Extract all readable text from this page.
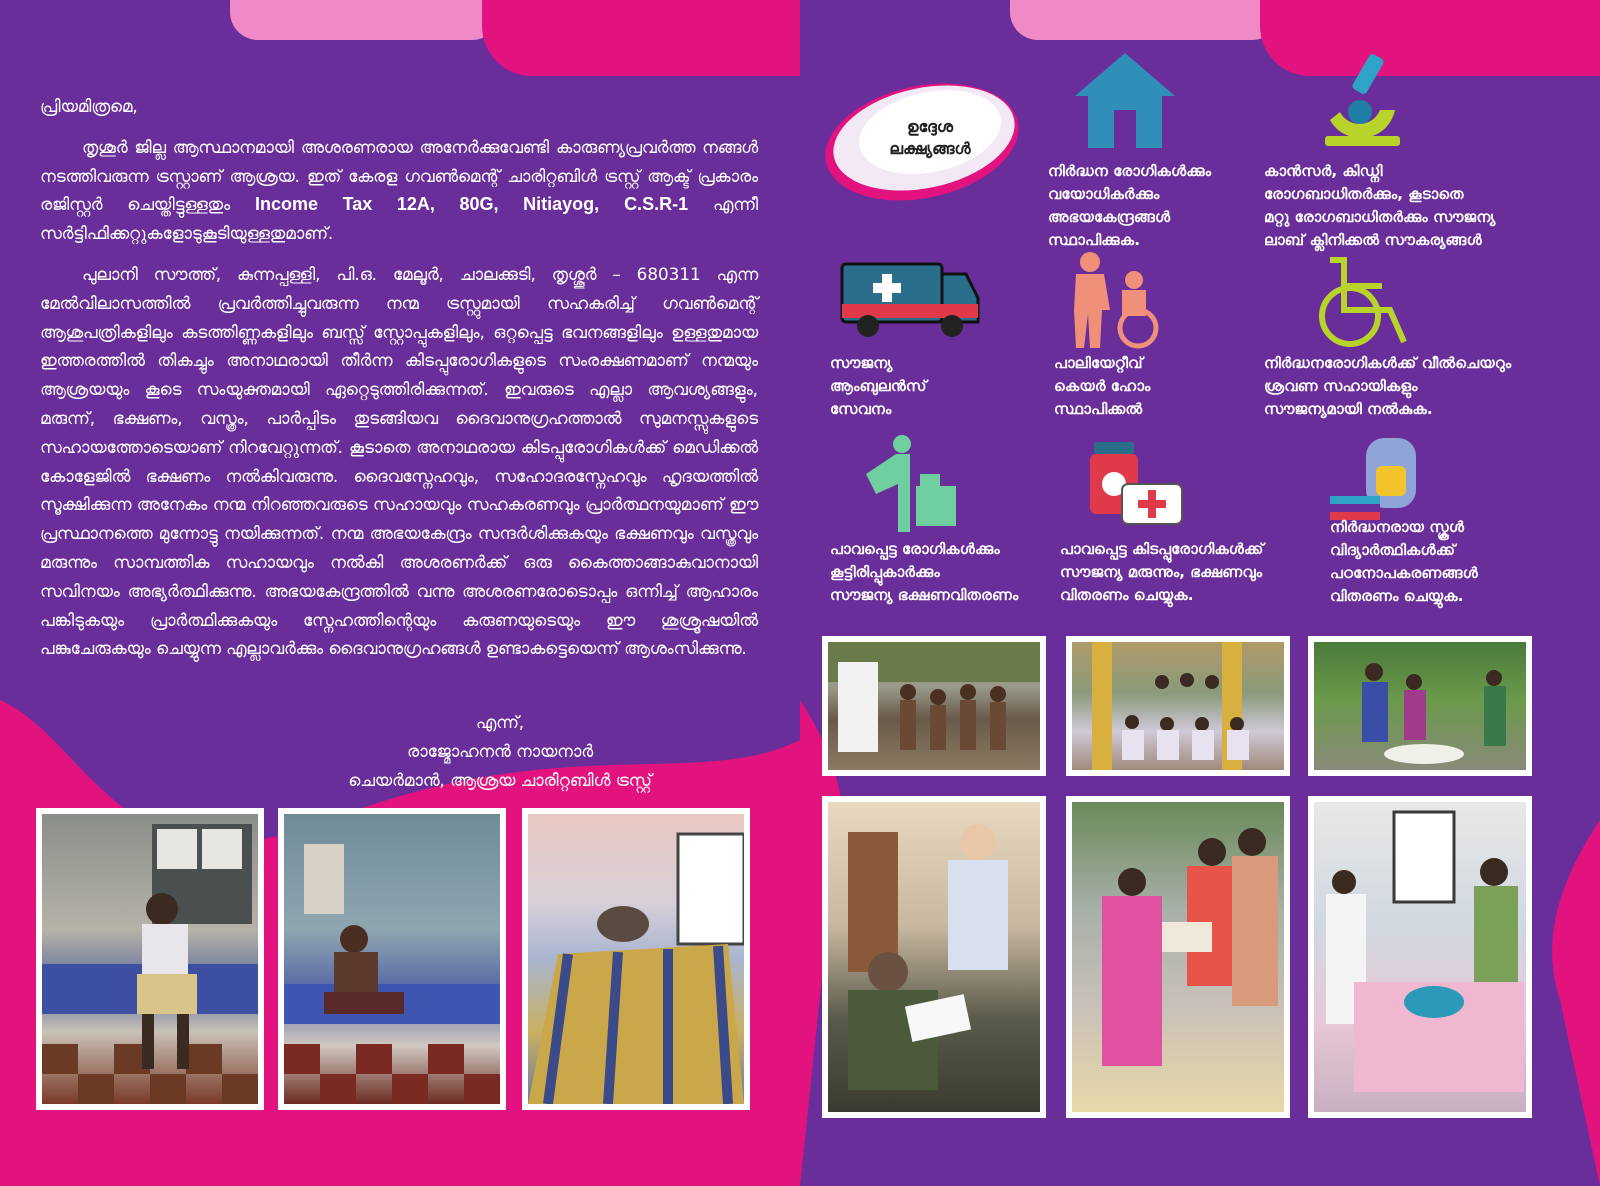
പ്രിയമിത്രമെ,

തൃശൂർ ജില്ല ആസ്ഥാനമായി അശരണരായ അനേർക്കുവേണ്ടി കാരുണ്യപ്രവർത്ത നങ്ങൾ നടത്തിവരുന്ന ട്രസ്റ്റാണ് ആശ്രയ. ഇത് കേരള ഗവൺമെന്റ് ചാരിറ്റബിൾ ട്രസ്റ്റ് ആക്ട് പ്രകാരം രജിസ്റ്റർ ചെയ്തിട്ടുള്ളതും Income Tax 12A, 80G, Nitiayog, C.S.R-1 എന്നീ സർട്ടിഫിക്കറ്റുകളോടുകൂടിയുള്ളതുമാണ്.

പുലാനി സൗത്ത്, കുന്നപ്പള്ളി, പി.ഒ. മേലൂർ, ചാലക്കുടി, തൃശ്ശൂർ – 680311 എന്ന മേൽവിലാസത്തിൽ പ്രവർത്തിച്ചുവരുന്ന നന്മ ട്രസ്റ്റുമായി സഹകരിച്ച് ഗവൺമെന്റ് ആശുപത്രികളിലും കടത്തിണ്ണകളിലും ബസ്സ് സ്റ്റോപ്പുകളിലും, ഒറ്റപ്പെട്ട ഭവനങ്ങളിലും ഉള്ളതുമായ ഇത്തരത്തിൽ തികച്ചും അനാഥരായി തീർന്ന കിടപ്പുരോഗികളുടെ സംരക്ഷണമാണ് നന്മയും ആശ്രയയും കൂടെ സംയുക്തമായി ഏറ്റെടുത്തിരിക്കുന്നത്. ഇവരുടെ എല്ലാ ആവശ്യങ്ങളും, മരുന്ന്, ഭക്ഷണം, വസ്ത്രം, പാർപ്പിടം തുടങ്ങിയവ ദൈവാനുഗ്രഹത്താൽ സുമനസ്സുകളുടെ സഹായത്തോടെയാണ് നിറവേറ്റുന്നത്. കൂടാതെ അനാഥരായ കിടപ്പുരോഗികൾക്ക് മെഡിക്കൽ കോളേജിൽ ഭക്ഷണം നൽകിവരുന്നു. ദൈവസ്നേഹവും, സഹോദരസ്നേഹവും ഹൃദയത്തിൽ സൂക്ഷിക്കുന്ന അനേകം നന്മ നിറഞ്ഞവരുടെ സഹായവും സഹകരണവും പ്രാർത്ഥനയുമാണ് ഈ പ്രസ്ഥാനത്തെ മുന്നോട്ടു നയിക്കുന്നത്. നന്മ അഭയകേന്ദ്രം സന്ദർശിക്കുകയും ഭക്ഷണവും വസ്ത്രവും മരുന്നും സാമ്പത്തിക സഹായവും നൽകി അശരണർക്ക് ഒരു കൈത്താങ്ങാകുവാനായി സവിനയം അഭ്യർത്ഥിക്കുന്നു. അഭയകേന്ദ്രത്തിൽ വന്നു അശരണരോടൊപ്പം ഒന്നിച്ച് ആഹാരം പങ്കിടുകയും പ്രാർത്ഥിക്കുകയും സ്നേഹത്തിന്റെയും കരുണയുടെയും ഈ ശുശ്രൂഷയിൽ പങ്കുചേരുകയും ചെയ്യുന്ന എല്ലാവർക്കും ദൈവാനുഗ്രഹങ്ങൾ ഉണ്ടാകട്ടെയെന്ന് ആശംസിക്കുന്നു.

എന്ന്,
രാജ്മോഹനൻ നായനാർ
ചെയർമാൻ, ആശ്രയ ചാരിറ്റബിൾ ട്രസ്റ്റ്
ഉദ്ദേശ
ലക്ഷ്യങ്ങൾ
നിർദ്ധന രോഗികൾക്കും
വയോധികർക്കും
അഭയകേന്ദ്രങ്ങൾ
സ്ഥാപിക്കുക.
കാൻസർ, കിഡ്നി
രോഗബാധിതർക്കും, കൂടാതെ
മറ്റു രോഗബാധിതർക്കും സൗജന്യ
ലാബ് ക്ലിനിക്കൽ സൗകര്യങ്ങൾ
സൗജന്യ
ആംബുലൻസ്
സേവനം
പാലിയേറ്റീവ്
കെയർ ഹോം
സ്ഥാപിക്കൽ
നിർദ്ധനരോഗികൾക്ക് വീൽചെയറും
ശ്രവണ സഹായികളും
സൗജന്യമായി നൽകുക.
പാവപ്പെട്ട രോഗികൾക്കും
കൂട്ടിരിപ്പുകാർക്കും
സൗജന്യ ഭക്ഷണവിതരണം
പാവപ്പെട്ട കിടപ്പുരോഗികൾക്ക്
സൗജന്യ മരുന്നും, ഭക്ഷണവും
വിതരണം ചെയ്യുക.
നിർദ്ധനരായ സ്കൂൾ
വിദ്യാർത്ഥികൾക്ക്
പഠനോപകരണങ്ങൾ
വിതരണം ചെയ്യുക.
